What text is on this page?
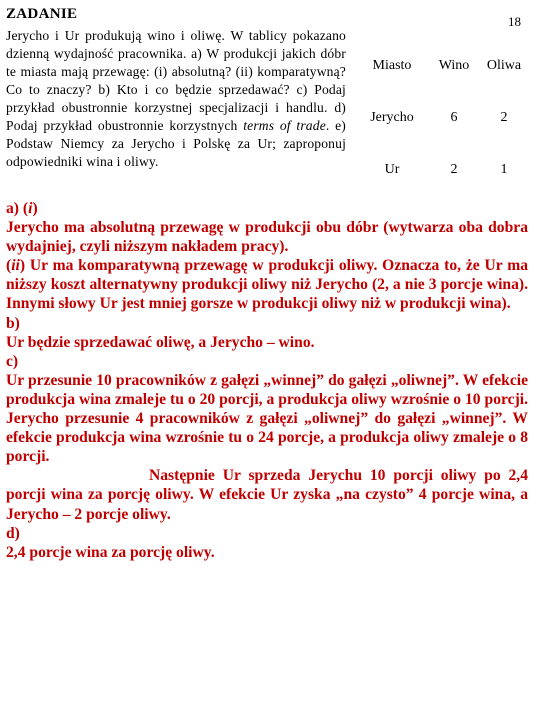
ZADANIE	18

Jerycho i Ur produkują wino i oliwę. W tablicy pokazano dzienną wydajność pracownika. a) W produkcji jakich dóbr te miasta mają przewagę: (i) absolutną? (ii) komparatywną? Co to znaczy? b) Kto i co będzie sprzedawać? c) Podaj przykład obustronnie korzystnej specjalizacji i handlu. d) Podaj przykład obustronnie korzystnych terms of trade. e) Podstaw Niemcy za Jerycho i Polskę za Ur; zaproponuj odpowiedniki wina i oliwy.

Miasto	Wino	Oliwa
Jerycho	6	2
Ur	2	1

a) (i)

Jerycho ma absolutną przewagę w produkcji obu dóbr (wytwarza oba dobra wydajniej, czyli niższym nakładem pracy).

(ii) Ur ma komparatywną przewagę w produkcji oliwy. Oznacza to, że Ur ma niższy koszt alternatywny produkcji oliwy niż Jerycho (2, a nie 3 porcje wina). Innymi słowy Ur jest mniej gorsze w produkcji oliwy niż w produkcji wina).

b)

Ur będzie sprzedawać oliwę, a Jerycho – wino.

c)

Ur przesunie 10 pracowników z gałęzi „winnej” do gałęzi „oliwnej”. W efekcie produkcja wina zmaleje tu o 20 porcji, a produkcja oliwy wzrośnie o 10 porcji. Jerycho przesunie 4 pracowników z gałęzi „oliwnej” do gałęzi „winnej”. W efekcie produkcja wina wzrośnie tu o 24 porcje, a produkcja oliwy zmaleje o 8 porcji.

Następnie Ur sprzeda Jerychu 10 porcji oliwy po 2,4 porcji wina za porcję oliwy. W efekcie Ur zyska „na czysto” 4 porcje wina, a Jerycho – 2 porcje oliwy.

d)

2,4 porcje wina za porcję oliwy.
